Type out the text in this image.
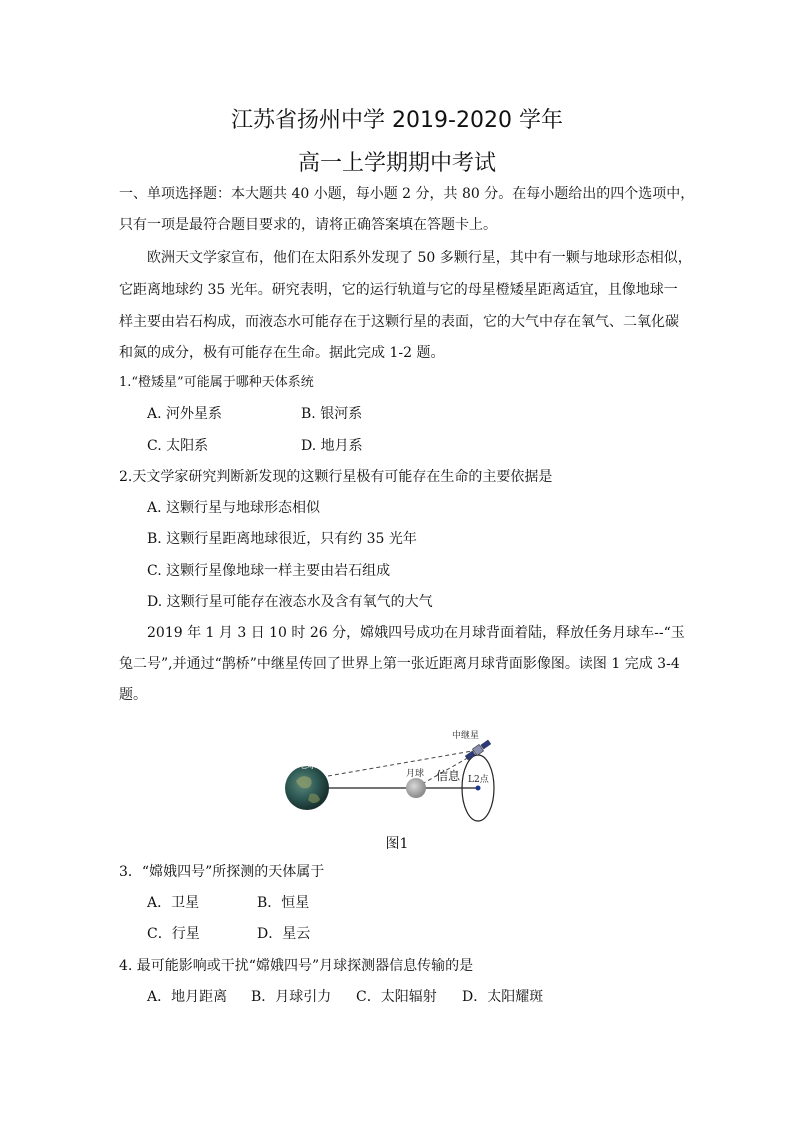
江苏省扬州中学 2019-2020 学年
高一上学期期中考试
一、单项选择题：本大题共 40 小题，每小题 2 分，共 80 分。在每小题给出的四个选项中，
只有一项是最符合题目要求的，请将正确答案填在答题卡上。
欧洲天文学家宣布，他们在太阳系外发现了 50 多颗行星，其中有一颗与地球形态相似，
它距离地球约 35 光年。研究表明，它的运行轨道与它的母星橙矮星距离适宜，且像地球一
样主要由岩石构成，而液态水可能存在于这颗行星的表面，它的大气中存在氧气、二氧化碳
和氮的成分，极有可能存在生命。据此完成 1-2 题。
1.“橙矮星”可能属于哪种天体系统
A. 河外星系	B. 银河系
C. 太阳系	D. 地月系
2.天文学家研究判断新发现的这颗行星极有可能存在生命的主要依据是
A. 这颗行星与地球形态相似
B. 这颗行星距离地球很近，只有约 35 光年
C. 这颗行星像地球一样主要由岩石组成
D. 这颗行星可能存在液态水及含有氧气的大气
2019 年 1 月 3 日 10 时 26 分，嫦娥四号成功在月球背面着陆，释放任务月球车--“玉
兔二号”,并通过“鹊桥”中继星传回了世界上第一张近距离月球背面影像图。读图 1 完成 3-4
题。
地球
月球 信息
中继星
L2点
图1
3．“嫦娥四号”所探测的天体属于
A．卫星	B．恒星
C．行星	D．星云
4. 最可能影响或干扰“嫦娥四号”月球探测器信息传输的是
A．地月距离 B．月球引力 C．太阳辐射 D．太阳耀斑
